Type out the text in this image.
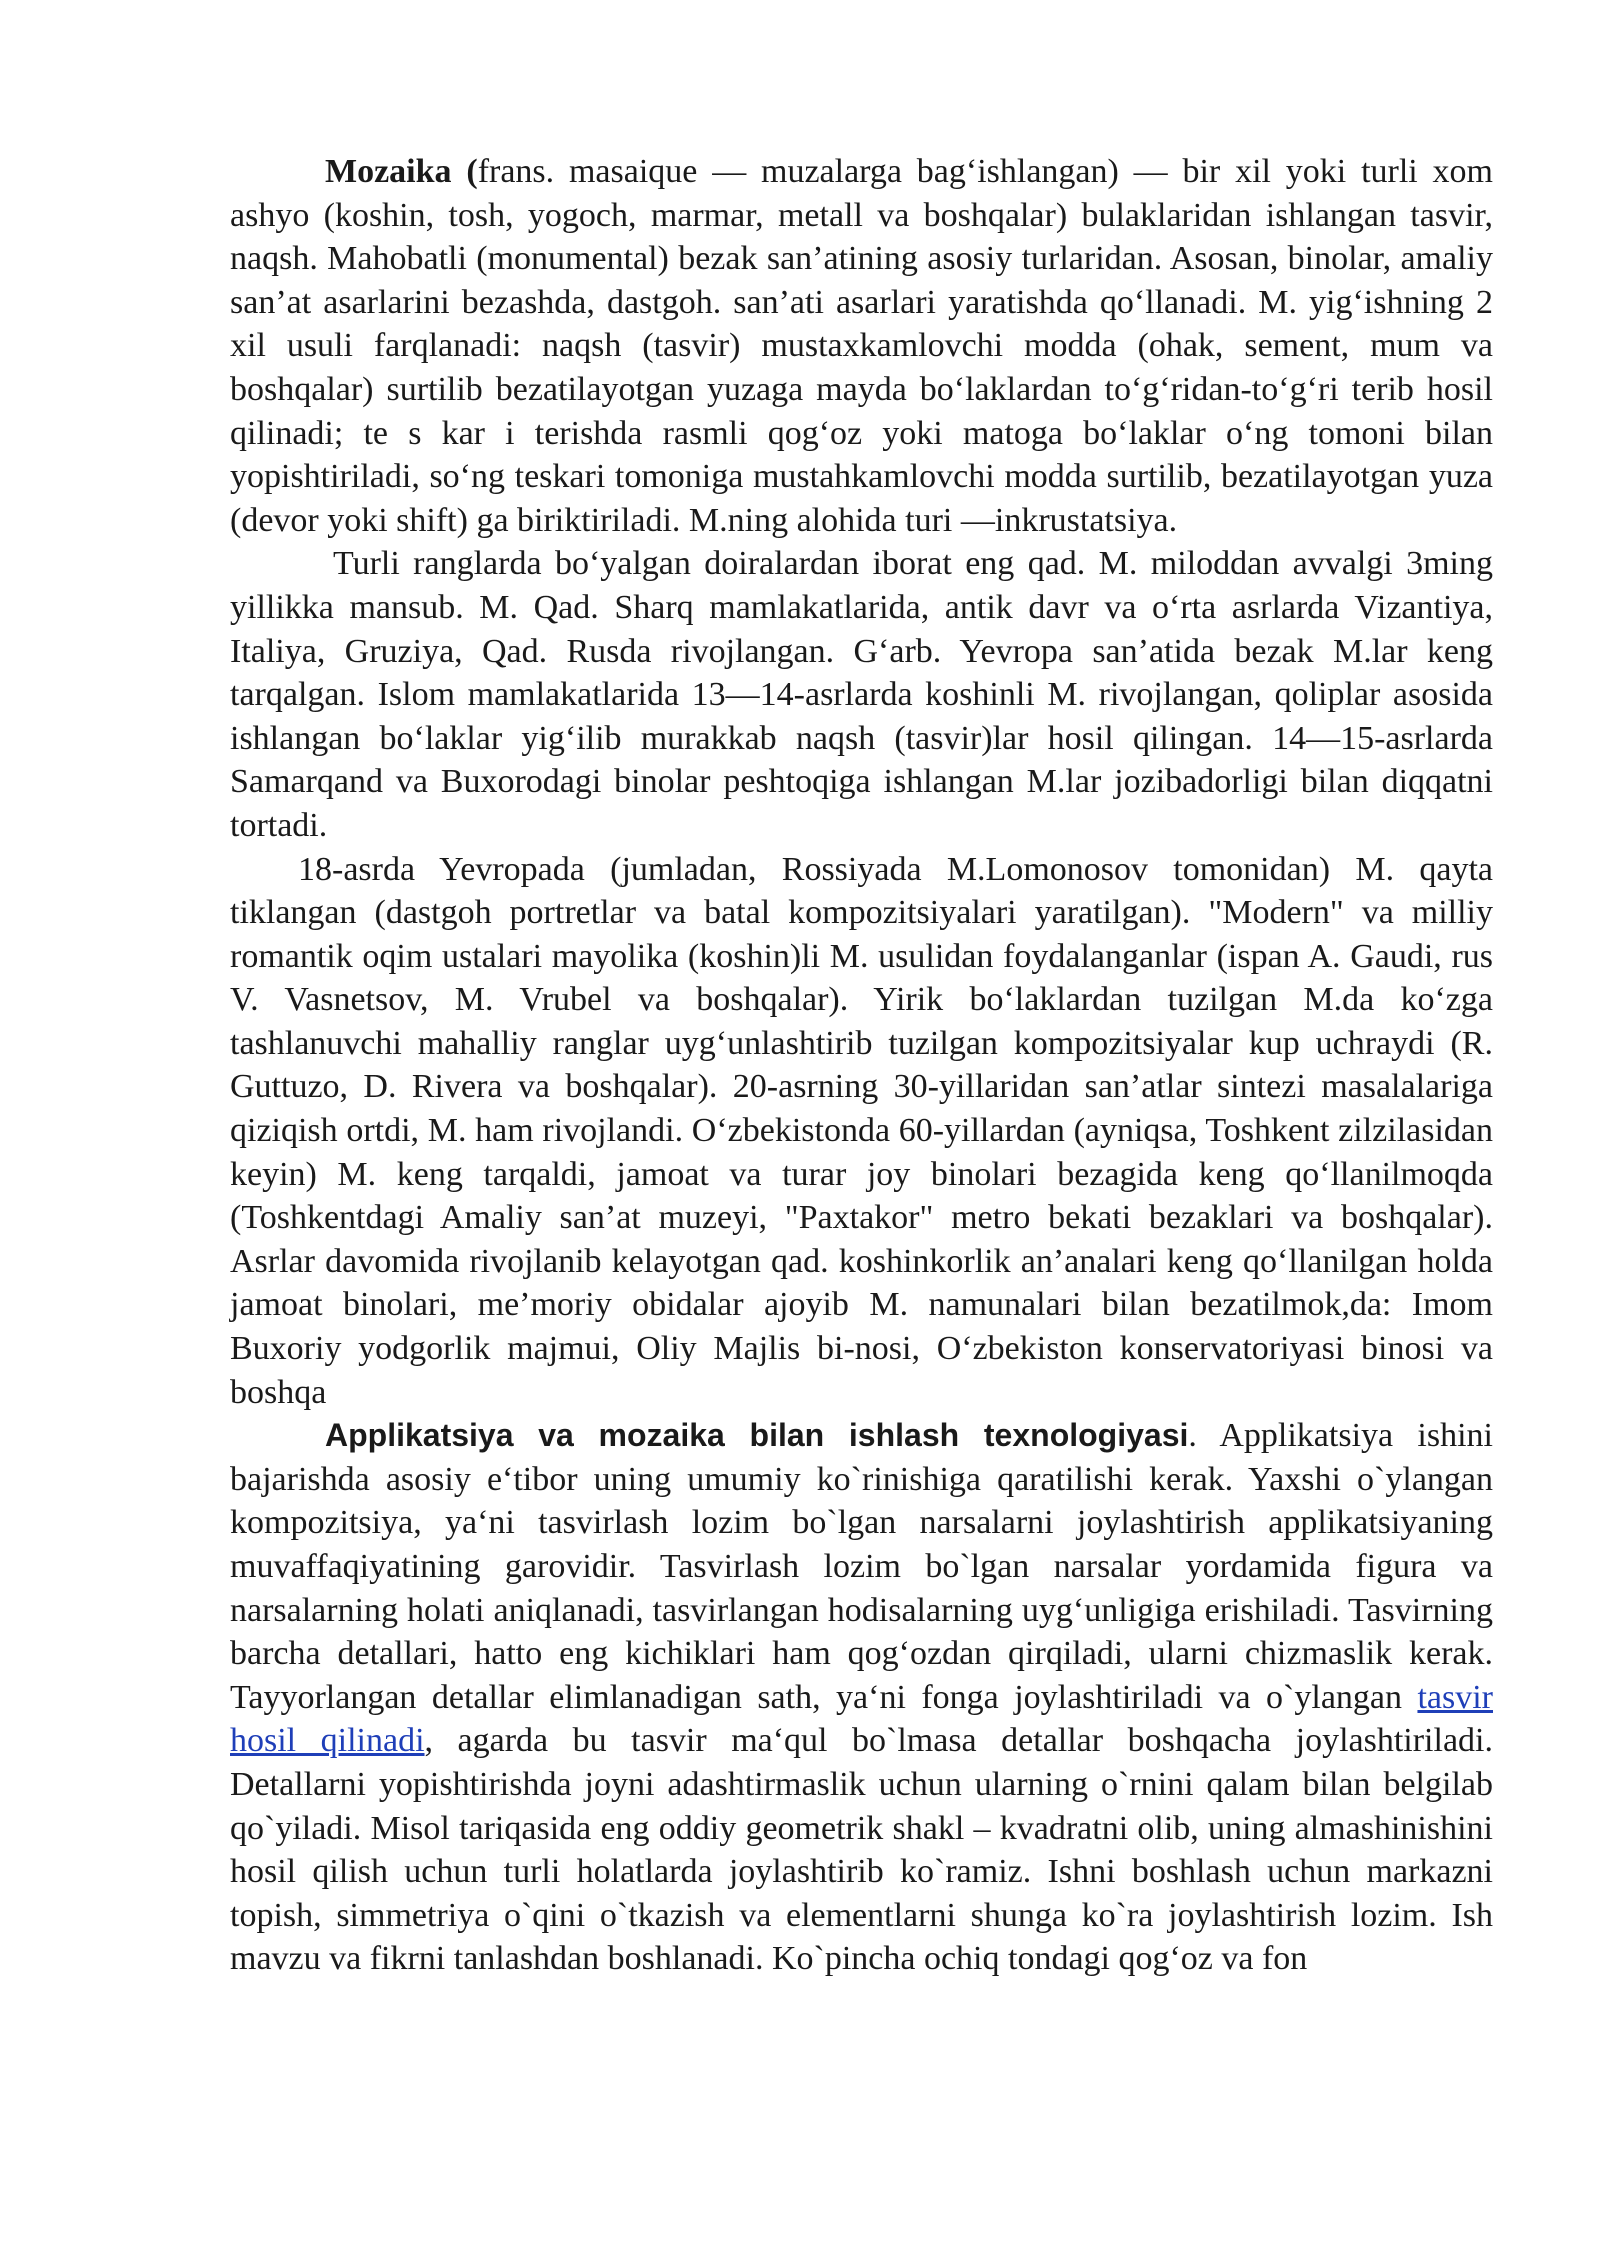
Mozaika (frans. masaique — muzalarga bag‘ishlangan) — bir xil yoki turli xom ashyo (koshin, tosh, yogoch, marmar, metall va boshqalar) bulaklaridan ishlangan tasvir, naqsh. Mahobatli (monumental) bezak san’atining asosiy turlaridan. Asosan, binolar, amaliy san’at asarlarini bezashda, dastgoh. san’ati asarlari yaratishda qo‘llanadi. M. yig‘ishning 2 xil usuli farqlanadi: naqsh (tasvir) mustaxkamlovchi modda (ohak, sement, mum va boshqalar) surtilib bezatilayotgan yuzaga mayda bo‘laklardan to‘g‘ridan-to‘g‘ri terib hosil qilinadi; te s kar i terishda rasmli qog‘oz yoki matoga bo‘laklar o‘ng tomoni bilan yopishtiriladi, so‘ng teskari tomoniga mustahkamlovchi modda surtilib, bezatilayotgan yuza (devor yoki shift) ga biriktiriladi. M.ning alohida turi —inkrustatsiya.

Turli ranglarda bo‘yalgan doiralardan iborat eng qad. M. miloddan avvalgi 3ming yillikka mansub. M. Qad. Sharq mamlakatlarida, antik davr va o‘rta asrlarda Vizantiya, Italiya, Gruziya, Qad. Rusda rivojlangan. G‘arb. Yevropa san’atida bezak M.lar keng tarqalgan. Islom mamlakatlarida 13—14-asrlarda koshinli M. rivojlangan, qoliplar asosida ishlangan bo‘laklar yig‘ilib murakkab naqsh (tasvir)lar hosil qilingan. 14—15-asrlarda Samarqand va Buxorodagi binolar peshtoqiga ishlangan M.lar jozibadorligi bilan diqqatni tortadi.

18-asrda Yevropada (jumladan, Rossiyada M.Lomonosov tomonidan) M. qayta tiklangan (dastgoh portretlar va batal kompozitsiyalari yaratilgan). "Modern" va milliy romantik oqim ustalari mayolika (koshin)li M. usulidan foydalanganlar (ispan A. Gaudi, rus V. Vasnetsov, M. Vrubel va boshqalar). Yirik bo‘laklardan tuzilgan M.da ko‘zga tashlanuvchi mahalliy ranglar uyg‘unlashtirib tuzilgan kompozitsiyalar kup uchraydi (R. Guttuzo, D. Rivera va boshqalar). 20-asrning 30-yillaridan san’atlar sintezi masalalariga qiziqish ortdi, M. ham rivojlandi. O‘zbekistonda 60-yillardan (ayniqsa, Toshkent zilzilasidan keyin) M. keng tarqaldi, jamoat va turar joy binolari bezagida keng qo‘llanilmoqda (Toshkentdagi Amaliy san’at muzeyi, "Paxtakor" metro bekati bezaklari va boshqalar). Asrlar davomida rivojlanib kelayotgan qad. koshinkorlik an’analari keng qo‘llanilgan holda jamoat binolari, me’moriy obidalar ajoyib M. namunalari bilan bezatilmok,da: Imom Buxoriy yodgorlik majmui, Oliy Majlis bi-nosi, O‘zbekiston konservatoriyasi binosi va boshqa

Applikatsiya va mozaika bilan ishlash texnologiyasi. Applikatsiya ishini bajarishda asosiy e‘tibor uning umumiy ko`rinishiga qaratilishi kerak. Yaxshi o`ylangan kompozitsiya, ya‘ni tasvirlash lozim bo`lgan narsalarni joylashtirish applikatsiyaning muvaffaqiyatining garovidir. Tasvirlash lozim bo`lgan narsalar yordamida figura va narsalarning holati aniqlanadi, tasvirlangan hodisalarning uyg‘unligiga erishiladi. Tasvirning barcha detallari, hatto eng kichiklari ham qog‘ozdan qirqiladi, ularni chizmaslik kerak. Tayyorlangan detallar elimlanadigan sath, ya‘ni fonga joylashtiriladi va o`ylangan tasvir hosil qilinadi, agarda bu tasvir ma‘qul bo`lmasa detallar boshqacha joylashtiriladi. Detallarni yopishtirishda joyni adashtirmaslik uchun ularning o`rnini qalam bilan belgilab qo`yiladi. Misol tariqasida eng oddiy geometrik shakl – kvadratni olib, uning almashinishini hosil qilish uchun turli holatlarda joylashtirib ko`ramiz. Ishni boshlash uchun markazni topish, simmetriya o`qini o`tkazish va elementlarni shunga ko`ra joylashtirish lozim. Ish mavzu va fikrni tanlashdan boshlanadi. Ko`pincha ochiq tondagi qog‘oz va fon
